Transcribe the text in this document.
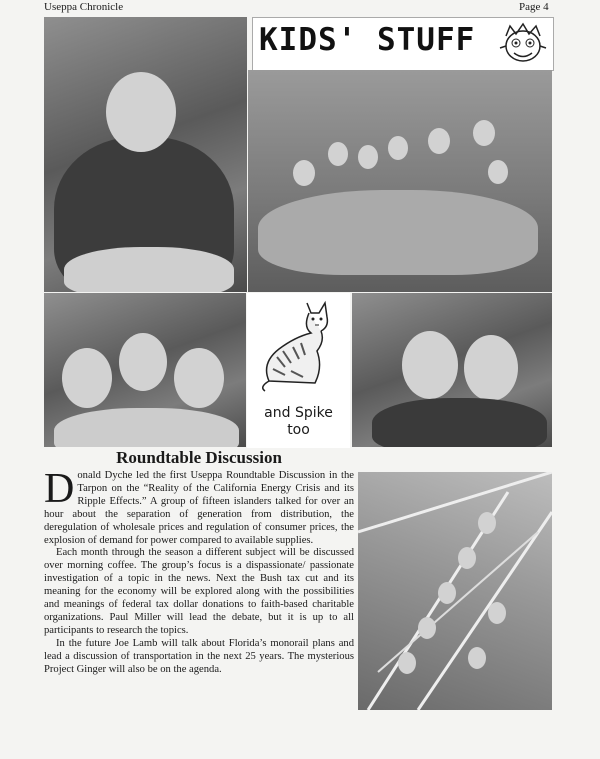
Useppa Chronicle	Page 4
KIDS' STUFF
and Spike
too
Roundtable Discussion

Donald Dyche led the first Useppa Roundtable Discussion in the Tarpon on the “Reality of the California Energy Crisis and its Ripple Effects.” A group of fifteen islanders talked for over an hour about the separation of generation from distribution, the deregulation of wholesale prices and regulation of consumer prices, the explosion of demand for power compared to available supplies.

Each month through the season a different subject will be discussed over morning coffee. The group’s focus is a dispassionate/ passionate investigation of a topic in the news. Next the Bush tax cut and its meaning for the economy will be explored along with the possibilities and meanings of federal tax dollar donations to faith-based charitable organizations. Paul Miller will lead the debate, but it is up to all participants to research the topics.

In the future Joe Lamb will talk about Florida’s monorail plans and lead a discussion of transportation in the next 25 years. The mysterious Project Ginger will also be on the agenda.
